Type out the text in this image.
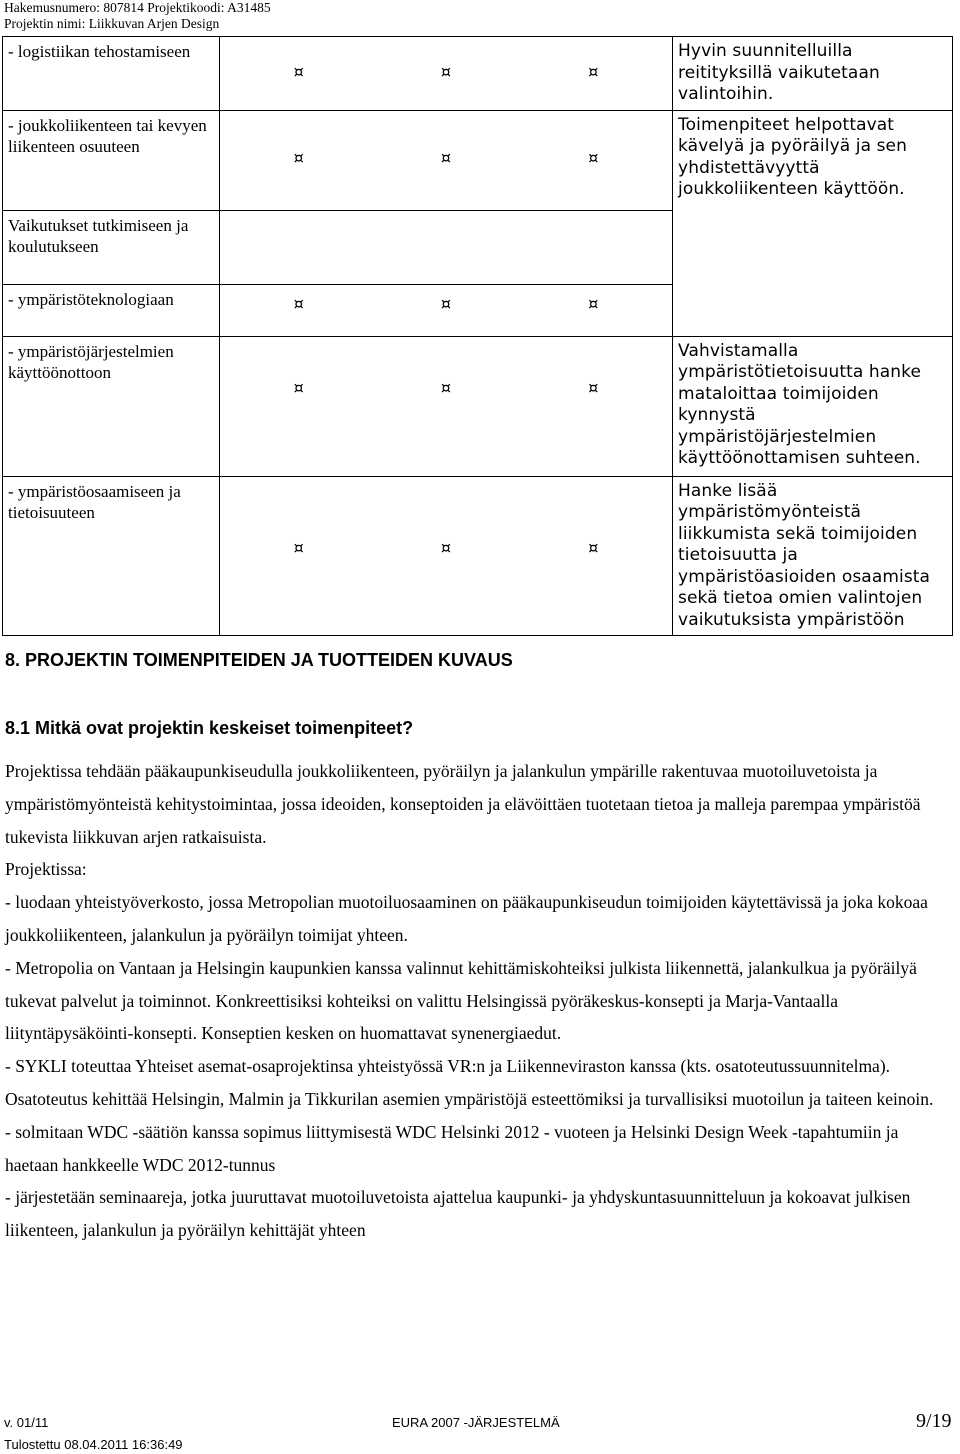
Hakemusnumero: 807814 Projektikoodi: A31485
Projektin nimi: Liikkuvan Arjen Design
- logistiikan tehostamiseen	¤ ¤ ¤	Hyvin suunnitelluilla reitityksillä vaikutetaan valintoihin.
- joukkoliikenteen tai kevyen liikenteen osuuteen	¤ ¤ ¤	Toimenpiteet helpottavat kävelyä ja pyöräilyä ja sen yhdistettävyyttä joukkoliikenteen käyttöön.
Vaikutukset tutkimiseen ja koulutukseen		
- ympäristöteknologiaan	¤ ¤ ¤	

- ympäristöjärjestelmien käyttöönottoon	¤ ¤ ¤	Vahvistamalla ympäristötietoisuutta hanke mataloittaa toimijoiden kynnystä ympäristöjärjestelmien käyttöönottamisen suhteen.
- ympäristöosaamiseen ja tietoisuuteen	¤ ¤ ¤	Hanke lisää ympäristömyönteistä liikkumista sekä toimijoiden tietoisuutta ja ympäristöasioiden osaamista sekä tietoa omien valintojen vaikutuksista ympäristöön
8. PROJEKTIN TOIMENPITEIDEN JA TUOTTEIDEN KUVAUS
8.1 Mitkä ovat projektin keskeiset toimenpiteet?

Projektissa tehdään pääkaupunkiseudulla joukkoliikenteen, pyöräilyn ja jalankulun ympärille rakentuvaa muotoiluvetoista ja ympäristömyönteistä kehitystoimintaa, jossa ideoiden, konseptoiden ja elävöittäen tuotetaan tietoa ja malleja parempaa ympäristöä tukevista liikkuvan arjen ratkaisuista.

Projektissa:

- luodaan yhteistyöverkosto, jossa Metropolian muotoiluosaaminen on pääkaupunkiseudun toimijoiden käytettävissä ja joka kokoaa joukkoliikenteen, jalankulun ja pyöräilyn toimijat yhteen.

- Metropolia on Vantaan ja Helsingin kaupunkien kanssa valinnut kehittämiskohteiksi julkista liikennettä, jalankulkua ja pyöräilyä tukevat palvelut ja toiminnot. Konkreettisiksi kohteiksi on valittu Helsingissä pyöräkeskus-konsepti ja Marja-Vantaalla liityntäpysäköinti-konsepti. Konseptien kesken on huomattavat synenergiaedut.

- SYKLI toteuttaa Yhteiset asemat-osaprojektinsa yhteistyössä VR:n ja Liikenneviraston kanssa (kts. osatoteutussuunnitelma). Osatoteutus kehittää Helsingin, Malmin ja Tikkurilan asemien ympäristöjä esteettömiksi ja turvallisiksi muotoilun ja taiteen keinoin.

- solmitaan WDC -säätiön kanssa sopimus liittymisestä WDC Helsinki 2012 - vuoteen ja Helsinki Design Week -tapahtumiin ja haetaan hankkeelle WDC 2012-tunnus

- järjestetään seminaareja, jotka juuruttavat muotoiluvetoista ajattelua kaupunki- ja yhdyskuntasuunnitteluun ja kokoavat julkisen liikenteen, jalankulun ja pyöräilyn kehittäjät yhteen

v. 01/11	EURA 2007 -JÄRJESTELMÄ	9/19
Tulostettu 08.04.2011 16:36:49
